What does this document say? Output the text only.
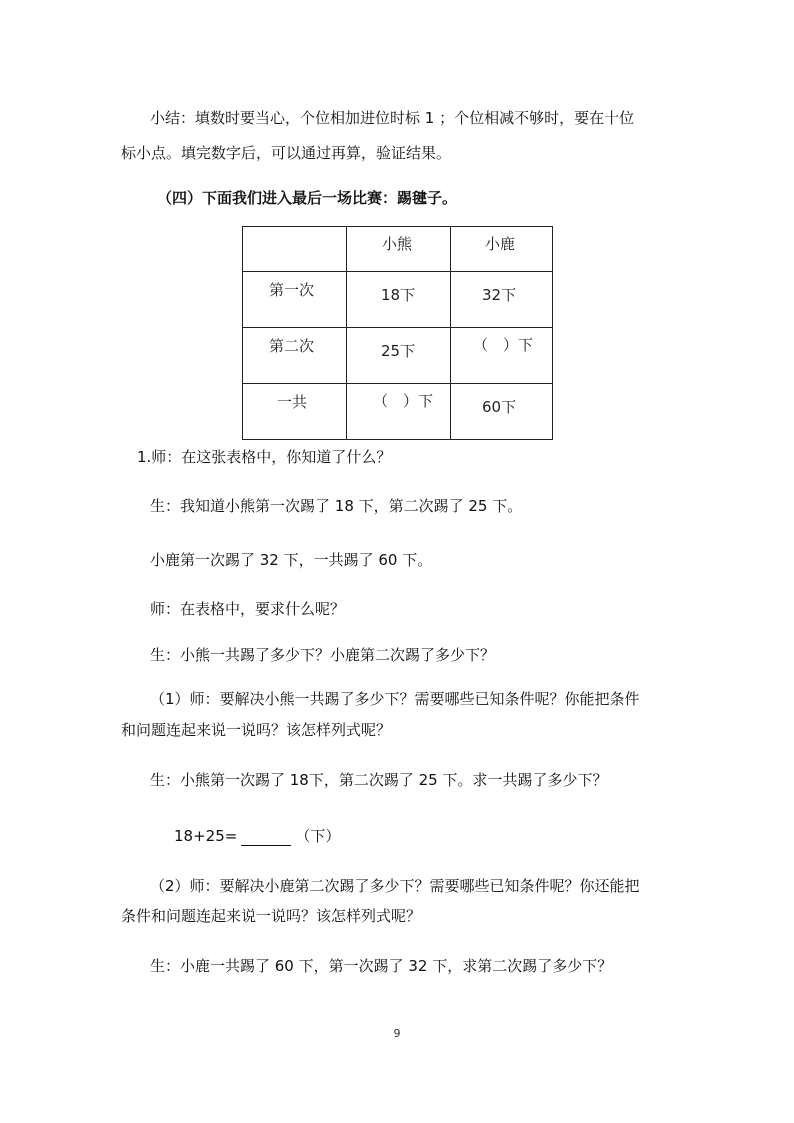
小结：填数时要当心，个位相加进位时标 1 ；个位相减不够时，要在十位
标小点。填完数字后，可以通过再算，验证结果。
（四）下面我们进入最后一场比赛：踢毽子。

	小熊	小鹿

第一次	18下	32下

第二次	25下	（　）下

一共	（　）下	60下
1.师：在这张表格中，你知道了什么？
生：我知道小熊第一次踢了 18 下，第二次踢了 25 下。
小鹿第一次踢了 32 下，一共踢了 60 下。
师：在表格中，要求什么呢？
生：小熊一共踢了多少下？小鹿第二次踢了多少下？
（1）师：要解决小熊一共踢了多少下？需要哪些已知条件呢？你能把条件
和问题连起来说一说吗？该怎样列式呢？
生：小熊第一次踢了 18下，第二次踢了 25 下。求一共踢了多少下？
18+25=	（下）
（2）师：要解决小鹿第二次踢了多少下？需要哪些已知条件呢？你还能把
条件和问题连起来说一说吗？该怎样列式呢？
生：小鹿一共踢了 60 下，第一次踢了 32 下，求第二次踢了多少下？
9
